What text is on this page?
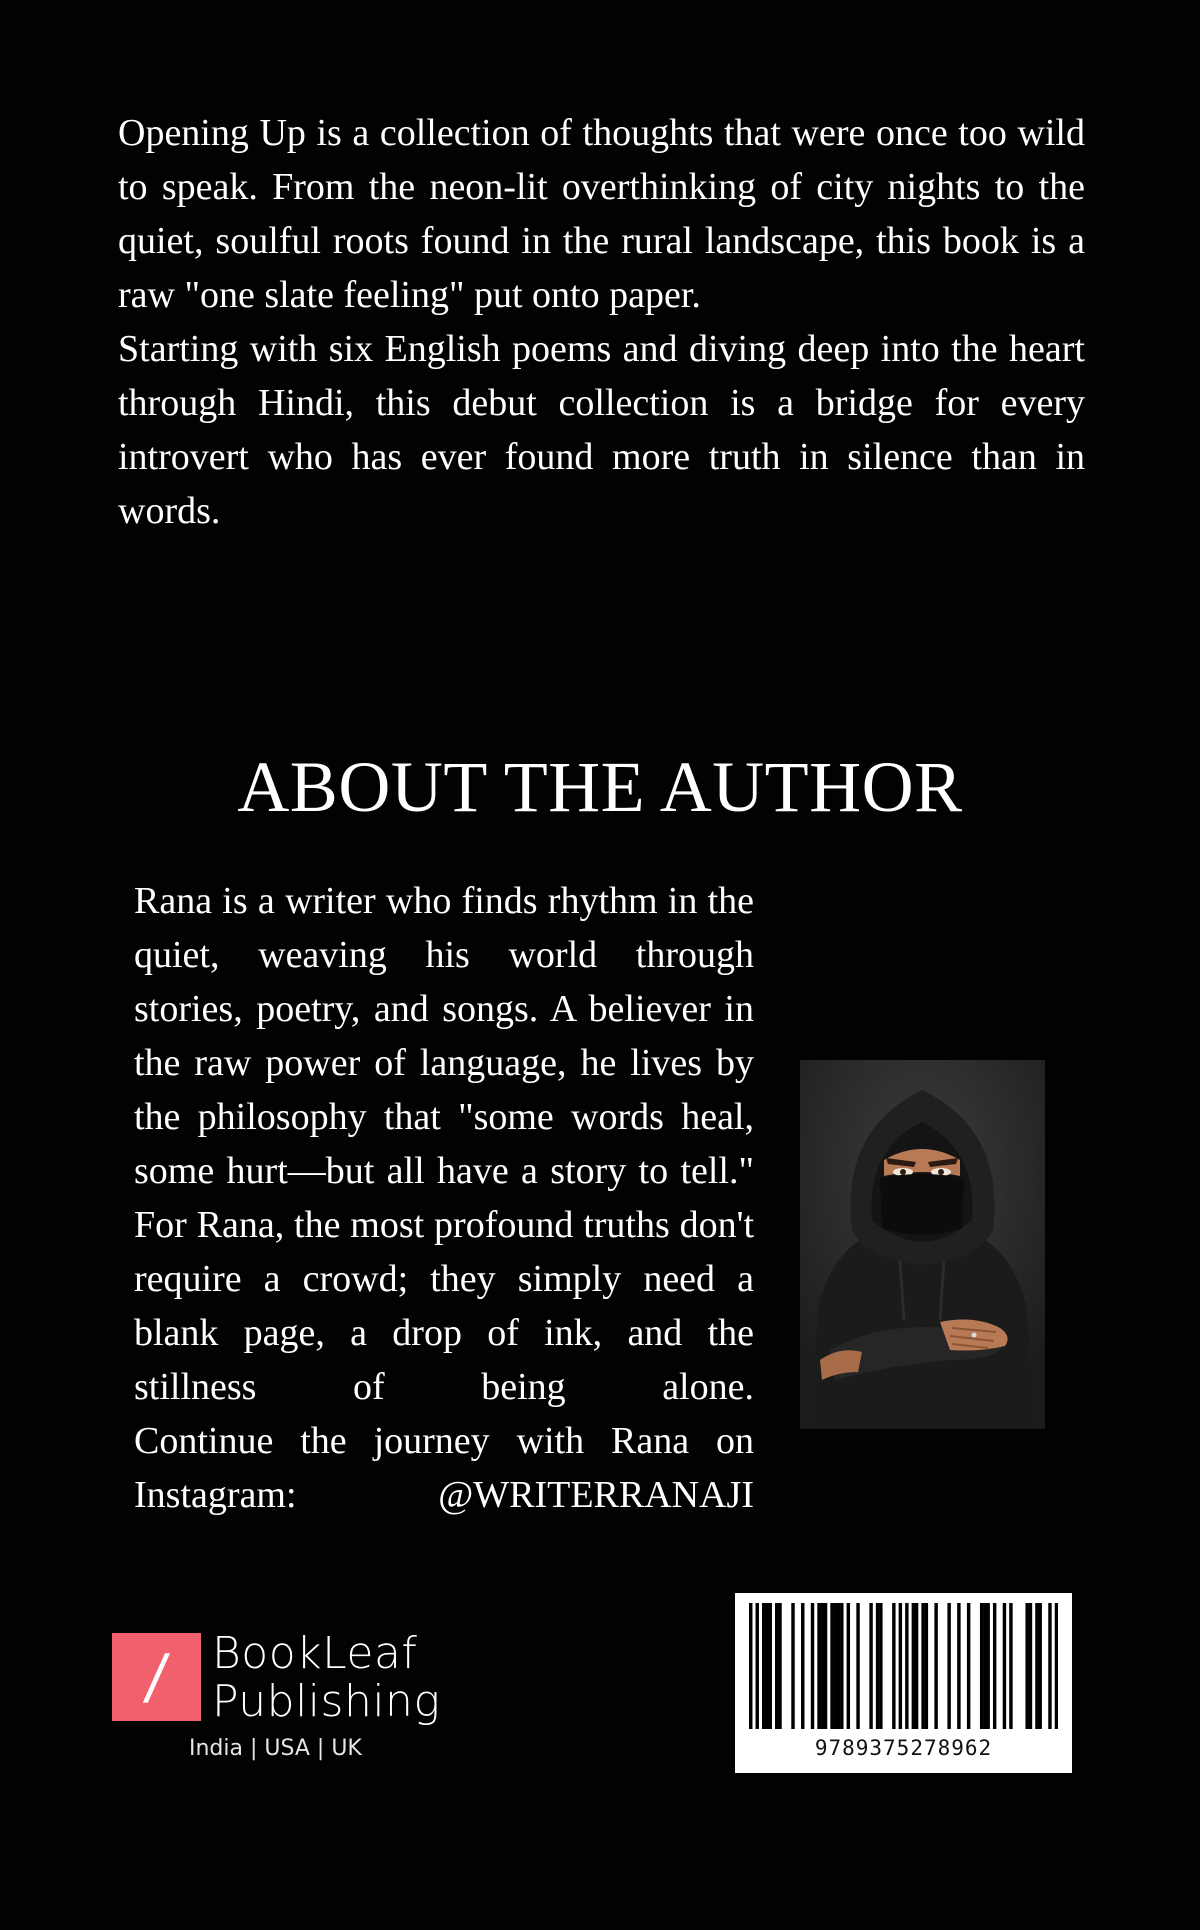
Opening Up is a collection of thoughts that were once too wild to speak. From the neon-lit overthinking of city nights to the quiet, soulful roots found in the rural landscape, this book is a raw "one slate feeling" put onto paper.

Starting with six English poems and diving deep into the heart through Hindi, this debut collection is a bridge for every introvert who has ever found more truth in silence than in words.

ABOUT THE AUTHOR

Rana is a writer who finds rhythm in the quiet, weaving his world through stories, poetry, and songs. A believer in the raw power of language, he lives by the philosophy that "some words heal, some hurt—but all have a story to tell." For Rana, the most profound truths don't require a crowd; they simply need a blank page, a drop of ink, and the stillness of being alone.

Continue the journey with Rana on Instagram: @WRITERRANAJI

/ BookLeaf
Publishing
India | USA | UK	9789375278962
